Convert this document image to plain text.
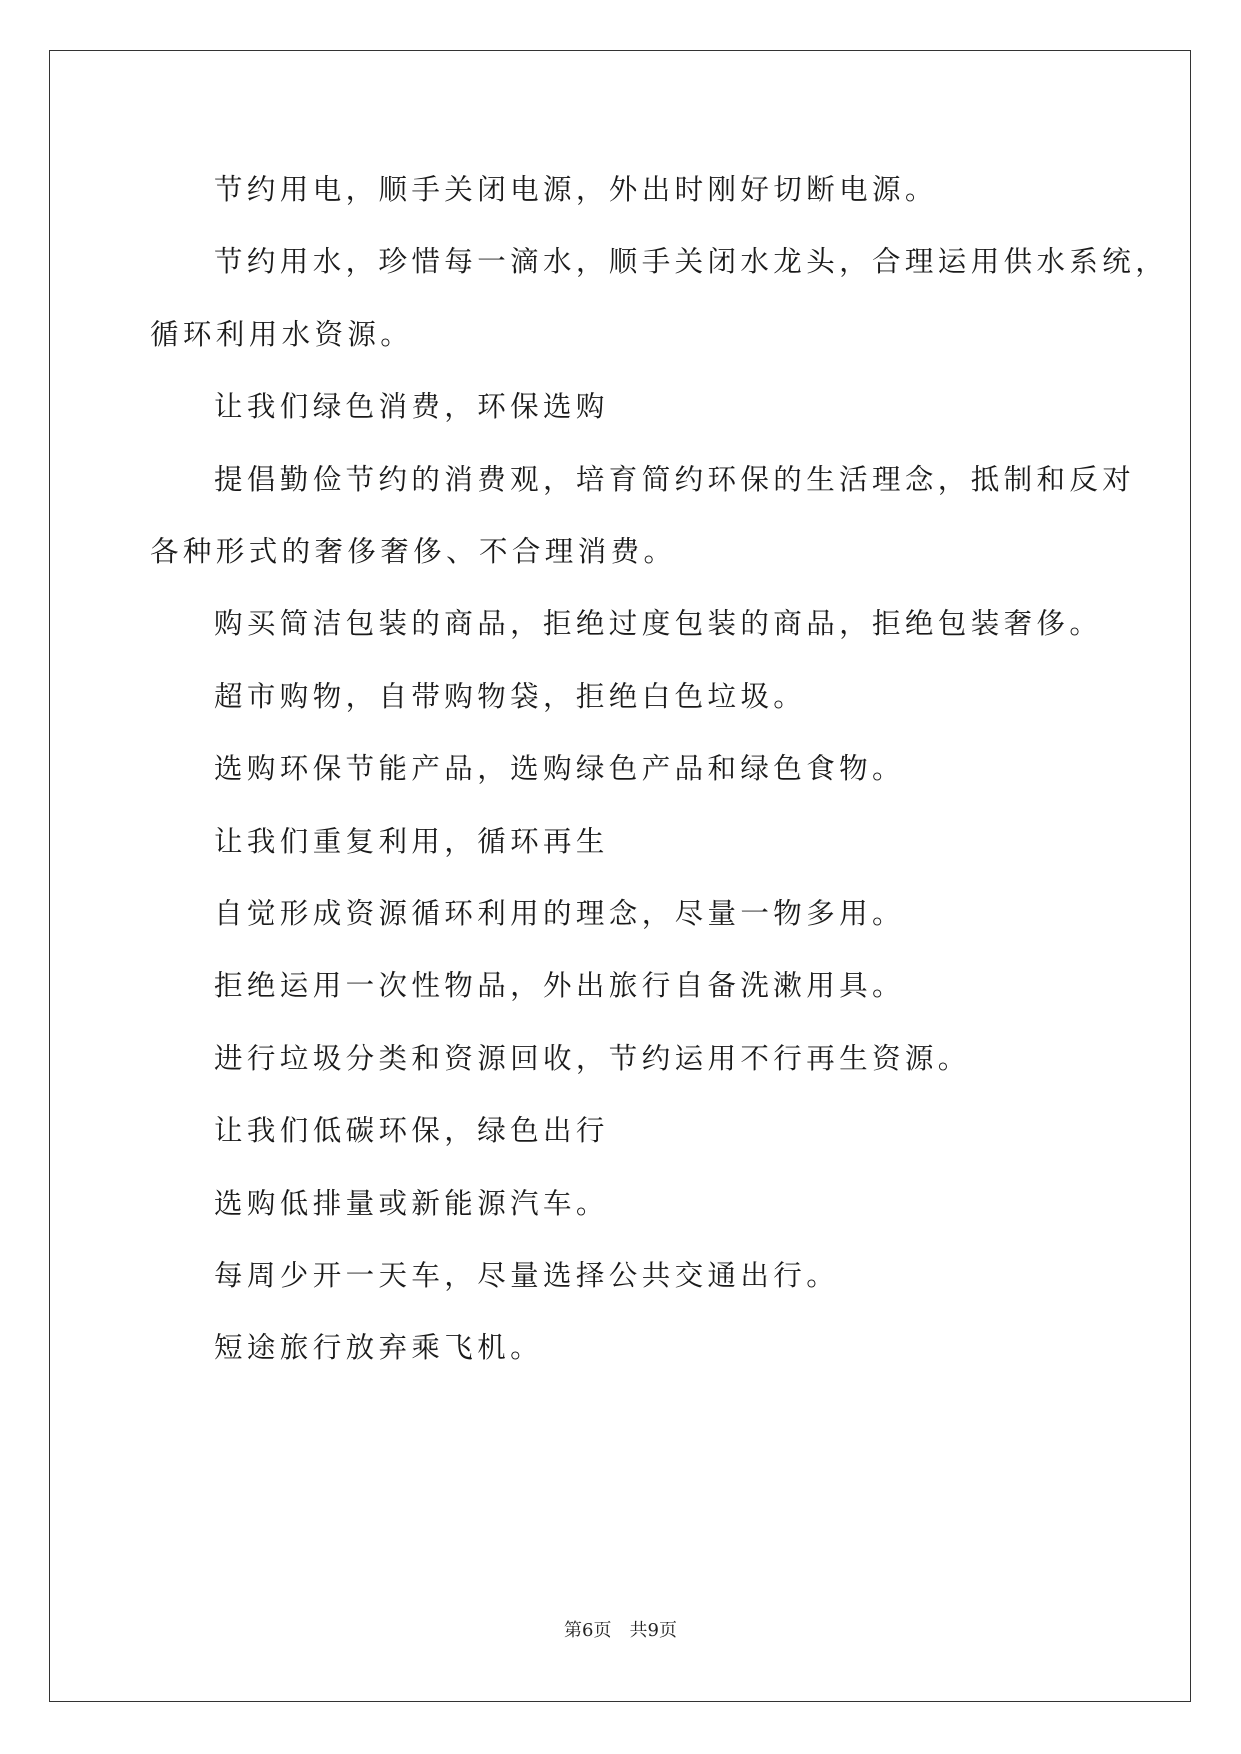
节约用电，顺手关闭电源，外出时刚好切断电源。
节约用水，珍惜每一滴水，顺手关闭水龙头，合理运用供水系统，
循环利用水资源。
让我们绿色消费，环保选购
提倡勤俭节约的消费观，培育简约环保的生活理念，抵制和反对
各种形式的奢侈奢侈、不合理消费。
购买简洁包装的商品，拒绝过度包装的商品，拒绝包装奢侈。
超市购物，自带购物袋，拒绝白色垃圾。
选购环保节能产品，选购绿色产品和绿色食物。
让我们重复利用，循环再生
自觉形成资源循环利用的理念，尽量一物多用。
拒绝运用一次性物品，外出旅行自备洗漱用具。
进行垃圾分类和资源回收，节约运用不行再生资源。
让我们低碳环保，绿色出行
选购低排量或新能源汽车。
每周少开一天车，尽量选择公共交通出行。
短途旅行放弃乘飞机。
第6页 共9页
